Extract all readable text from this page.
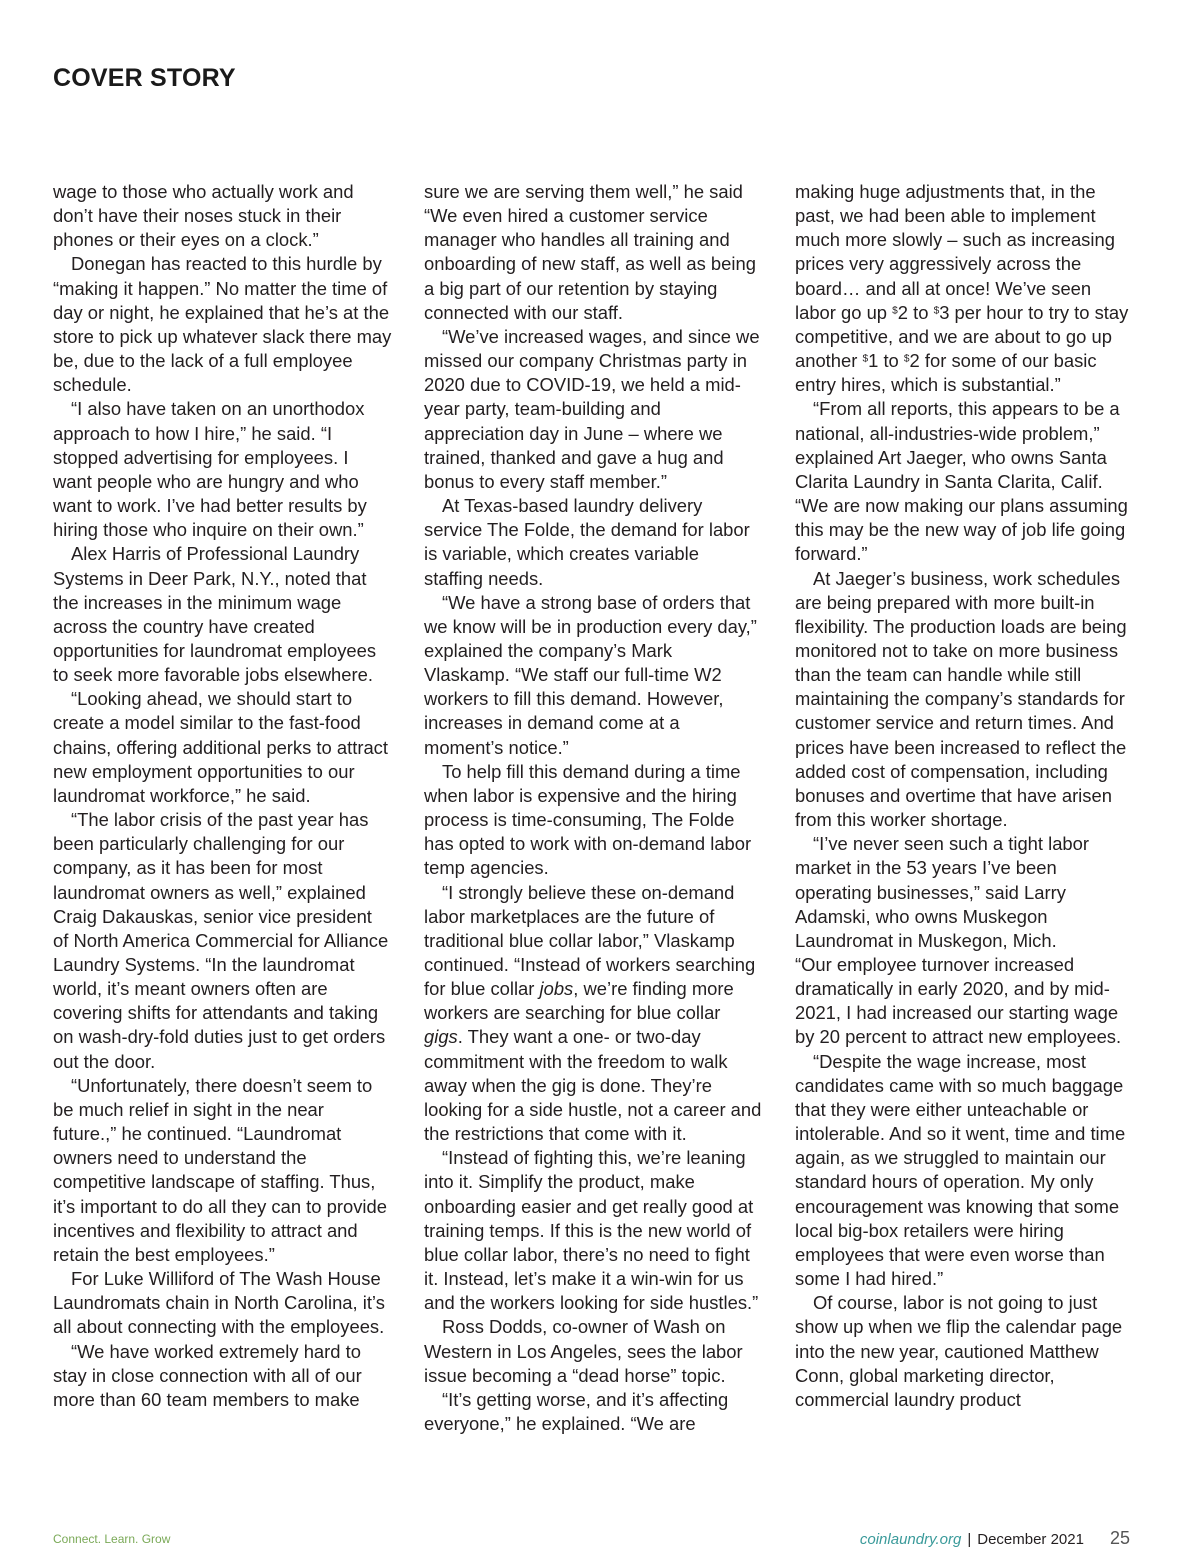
COVER STORY

wage to those who actually work and don’t have their noses stuck in their phones or their eyes on a clock.”

Donegan has reacted to this hurdle by “making it happen.” No matter the time of day or night, he explained that he’s at the store to pick up whatever slack there may be, due to the lack of a full employee schedule.

“I also have taken on an unorthodox approach to how I hire,” he said. “I stopped advertising for employees. I want people who are hungry and who want to work. I’ve had better results by hiring those who inquire on their own.”

Alex Harris of Professional Laundry Systems in Deer Park, N.Y., noted that the increases in the minimum wage across the country have created opportunities for laundromat employees to seek more favorable jobs elsewhere.

“Looking ahead, we should start to create a model similar to the fast-food chains, offering additional perks to attract new employment opportunities to our laundromat workforce,” he said.

“The labor crisis of the past year has been particularly challenging for our company, as it has been for most laundromat owners as well,” explained Craig Dakauskas, senior vice president of North America Commercial for Alliance Laundry Systems. “In the laundromat world, it’s meant owners often are covering shifts for attendants and taking on wash-dry-fold duties just to get orders out the door.

“Unfortunately, there doesn’t seem to be much relief in sight in the near future.,” he continued. “Laundromat owners need to understand the competitive landscape of staffing. Thus, it’s important to do all they can to provide incentives and flexibility to attract and retain the best employees.”

For Luke Williford of The Wash House Laundromats chain in North Carolina, it’s all about connecting with the employees.

“We have worked extremely hard to stay in close connection with all of our more than 60 team members to make

sure we are serving them well,” he said “We even hired a customer service manager who handles all training and onboarding of new staff, as well as being a big part of our retention by staying connected with our staff.

“We’ve increased wages, and since we missed our company Christmas party in 2020 due to COVID-19, we held a mid-year party, team-building and appreciation day in June – where we trained, thanked and gave a hug and bonus to every staff member.”

At Texas-based laundry delivery service The Folde, the demand for labor is variable, which creates variable staffing needs.

“We have a strong base of orders that we know will be in production every day,” explained the company’s Mark Vlaskamp. “We staff our full-time W2 workers to fill this demand. However, increases in demand come at a moment’s notice.”

To help fill this demand during a time when labor is expensive and the hiring process is time-consuming, The Folde has opted to work with on-demand labor temp agencies.

“I strongly believe these on-demand labor marketplaces are the future of traditional blue collar labor,” Vlaskamp continued. “Instead of workers searching for blue collar jobs, we’re finding more workers are searching for blue collar gigs. They want a one- or two-day commitment with the freedom to walk away when the gig is done. They’re looking for a side hustle, not a career and the restrictions that come with it.

“Instead of fighting this, we’re leaning into it. Simplify the product, make onboarding easier and get really good at training temps. If this is the new world of blue collar labor, there’s no need to fight it. Instead, let’s make it a win-win for us and the workers looking for side hustles.”

Ross Dodds, co-owner of Wash on Western in Los Angeles, sees the labor issue becoming a “dead horse” topic.

“It’s getting worse, and it’s affecting everyone,” he explained. “We are

making huge adjustments that, in the past, we had been able to implement much more slowly – such as increasing prices very aggressively across the board… and all at once! We’ve seen labor go up $2 to $3 per hour to try to stay competitive, and we are about to go up another $1 to $2 for some of our basic entry hires, which is substantial.”

“From all reports, this appears to be a national, all-industries-wide problem,” explained Art Jaeger, who owns Santa Clarita Laundry in Santa Clarita, Calif. “We are now making our plans assuming this may be the new way of job life going forward.”

At Jaeger’s business, work schedules are being prepared with more built-in flexibility. The production loads are being monitored not to take on more business than the team can handle while still maintaining the company’s standards for customer service and return times. And prices have been increased to reflect the added cost of compensation, including bonuses and overtime that have arisen from this worker shortage.

“I’ve never seen such a tight labor market in the 53 years I’ve been operating businesses,” said Larry Adamski, who owns Muskegon Laundromat in Muskegon, Mich.

“Our employee turnover increased dramatically in early 2020, and by mid-2021, I had increased our starting wage by 20 percent to attract new employees.

“Despite the wage increase, most candidates came with so much baggage that they were either unteachable or intolerable. And so it went, time and time again, as we struggled to maintain our standard hours of operation. My only encouragement was knowing that some local big-box retailers were hiring employees that were even worse than some I had hired.”

Of course, labor is not going to just show up when we flip the calendar page into the new year, cautioned Matthew Conn, global marketing director, commercial laundry product

Connect. Learn. Grow	coinlaundry.org | December 2021 25
